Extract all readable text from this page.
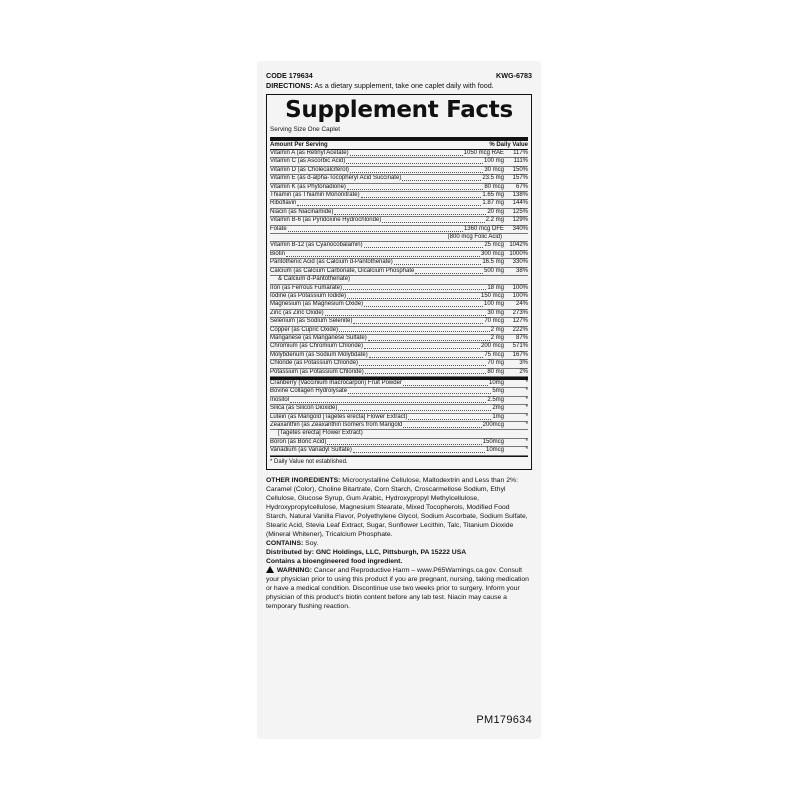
CODE 179634	KWG-6783
DIRECTIONS: As a dietary supplement, take one caplet daily with food.
Supplement Facts
Serving Size One Caplet
Amount Per Serving	% Daily Value
Vitamin A (as Retinyl Acetate)	1050 mcg RAE	117%
Vitamin C (as Ascorbic Acid)	100 mg	111%
Vitamin D (as Cholecalciferol)	30 mcg	150%
Vitamin E (as d-alpha-Tocopheryl Acid Succinate)	23.5 mg	157%
Vitamin K (as Phytonadione)	80 mcg	67%
Thiamin (as Thiamin Mononitrate)	1.65 mg	138%
Riboflavin	1.87 mg	144%
Niacin (as Niacinamide)	20 mg	125%
Vitamin B-6 (as Pyridoxine Hydrochloride)	2.2 mg	129%
Folate	1360 mcg DFE	340%
(800 mcg Folic Acid)
Vitamin B-12 (as Cyanocobalamin)	25 mcg 1042%
Biotin	300 mcg 1000%
Pantothenic Acid (as Calcium d-Pantothenate)	16.5 mg	330%
Calcium (as Calcium Carbonate, Dicalcium Phosphate	500 mg	38%
& Calcium d-Pantothenate)
Iron (as Ferrous Fumarate)	18 mg	100%
Iodine (as Potassium Iodide)	150 mcg	100%
Magnesium (as Magnesium Oxide)	100 mg	24%
Zinc (as Zinc Oxide)	30 mg	273%
Selenium (as Sodium Selenite)	70 mcg	127%
Copper (as Cupric Oxide)	2 mg	222%
Manganese (as Manganese Sulfate)	2 mg	87%
Chromium (as Chromium Chloride)	200 mcg	571%
Molybdenum (as Sodium Molybdate)	75 mcg	167%
Chloride (as Potassium Chloride)	70 mg	3%
Potassium (as Potassium Chloride)	80 mg	2%
Cranberry (Vaccinium macrocarpon) Fruit Powder	10mg	*
Bovine Collagen Hydrolysate	5mg	*
Inositol	2.5mg	*
Silica (as Silicon Dioxide)	2mg	*
Lutein (as Marigold [Tagetes erecta] Flower Extract)	1mg	*
Zeaxanthin (as Zeaxanthin Isomers from Marigold	200mcg	*
[Tagetes erecta] Flower Extract)
Boron (as Boric Acid)	150mcg	*
Vanadium (as Vanadyl Sulfate)	10mcg	*
* Daily Value not established.
OTHER INGREDIENTS: Microcrystalline Cellulose, Maltodextrin and Less than 2%: Caramel (Color), Choline Bitartrate, Corn Starch, Croscarmellose Sodium, Ethyl Cellulose, Glucose Syrup, Gum Arabic, Hydroxypropyl Methylcellulose, Hydroxypropylcellulose, Magnesium Stearate, Mixed Tocopherols, Modified Food Starch, Natural Vanilla Flavor, Polyethylene Glycol, Sodium Ascorbate, Sodium Sulfate, Stearic Acid, Stevia Leaf Extract, Sugar, Sunflower Lecithin, Talc, Titanium Dioxide (Mineral Whitener), Tricalcium Phosphate.
CONTAINS: Soy.
Distributed by: GNC Holdings, LLC, Pittsburgh, PA 15222 USA
Contains a bioengineered food ingredient.
WARNING: Cancer and Reproductive Harm – www.P65Warnings.ca.gov. Consult your physician prior to using this product if you are pregnant, nursing, taking medication or have a medical condition. Discontinue use two weeks prior to surgery. Inform your physician of this product’s biotin content before any lab test. Niacin may cause a temporary flushing reaction.
PM179634
